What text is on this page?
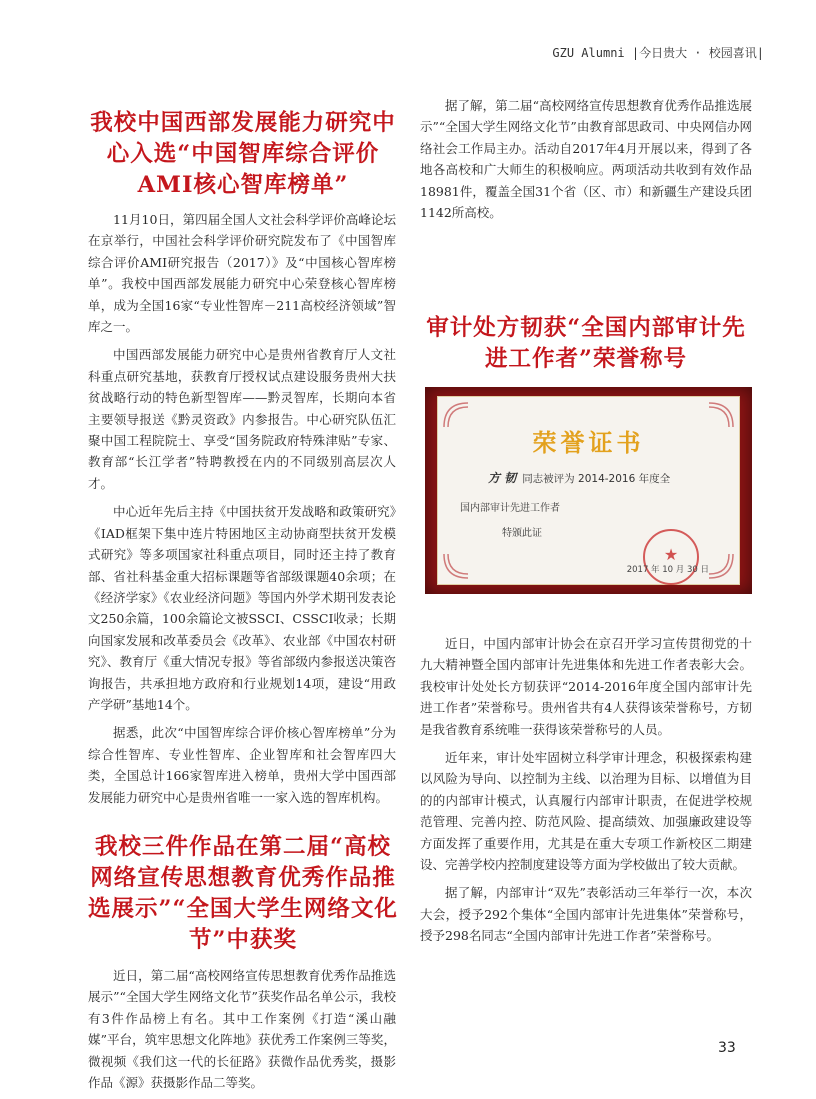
GZU Alumni |今日贵大 · 校园喜讯|
我校中国西部发展能力研究中心入选“中国智库综合评价AMI核心智库榜单”

11月10日，第四届全国人文社会科学评价高峰论坛在京举行，中国社会科学评价研究院发布了《中国智库综合评价AMI研究报告（2017）》及“中国核心智库榜单”。我校中国西部发展能力研究中心荣登核心智库榜单，成为全国16家“专业性智库－211高校经济领域”智库之一。

中国西部发展能力研究中心是贵州省教育厅人文社科重点研究基地，获教育厅授权试点建设服务贵州大扶贫战略行动的特色新型智库——黔灵智库，长期向本省主要领导报送《黔灵资政》内参报告。中心研究队伍汇聚中国工程院院士、享受“国务院政府特殊津贴”专家、教育部“长江学者”特聘教授在内的不同级别高层次人才。

中心近年先后主持《中国扶贫开发战略和政策研究》《IAD框架下集中连片特困地区主动协商型扶贫开发模式研究》等多项国家社科重点项目，同时还主持了教育部、省社科基金重大招标课题等省部级课题40余项；在《经济学家》《农业经济问题》等国内外学术期刊发表论文250余篇，100余篇论文被SSCI、CSSCI收录；长期向国家发展和改革委员会《改革》、农业部《中国农村研究》、教育厅《重大情况专报》等省部级内参报送决策咨询报告，共承担地方政府和行业规划14项，建设“用政产学研”基地14个。

据悉，此次“中国智库综合评价核心智库榜单”分为综合性智库、专业性智库、企业智库和社会智库四大类，全国总计166家智库进入榜单，贵州大学中国西部发展能力研究中心是贵州省唯一一家入选的智库机构。

我校三件作品在第二届“高校网络宣传思想教育优秀作品推选展示”“全国大学生网络文化节”中获奖

近日，第二届“高校网络宣传思想教育优秀作品推选展示”“全国大学生网络文化节”获奖作品名单公示，我校有3件作品榜上有名。其中工作案例《打造“溪山融媒”平台，筑牢思想文化阵地》获优秀工作案例三等奖，微视频《我们这一代的长征路》获微作品优秀奖，摄影作品《源》获摄影作品二等奖。

据了解，第二届“高校网络宣传思想教育优秀作品推选展示”“全国大学生网络文化节”由教育部思政司、中央网信办网络社会工作局主办。活动自2017年4月开展以来，得到了各地各高校和广大师生的积极响应。两项活动共收到有效作品18981件，覆盖全国31个省（区、市）和新疆生产建设兵团1142所高校。

审计处方韧获“全国内部审计先进工作者”荣誉称号
荣誉证书
方 韧 同志被评为 2014-2016 年度全
国内部审计先进工作者
特颁此证
★
2017 年 10 月 30 日

近日，中国内部审计协会在京召开学习宣传贯彻党的十九大精神暨全国内部审计先进集体和先进工作者表彰大会。我校审计处处长方韧获评“2014-2016年度全国内部审计先进工作者”荣誉称号。贵州省共有4人获得该荣誉称号，方韧是我省教育系统唯一获得该荣誉称号的人员。

近年来，审计处牢固树立科学审计理念，积极探索构建以风险为导向、以控制为主线、以治理为目标、以增值为目的的内部审计模式，认真履行内部审计职责，在促进学校规范管理、完善内控、防范风险、提高绩效、加强廉政建设等方面发挥了重要作用，尤其是在重大专项工作新校区二期建设、完善学校内控制度建设等方面为学校做出了较大贡献。

据了解，内部审计“双先”表彰活动三年举行一次，本次大会，授予292个集体“全国内部审计先进集体”荣誉称号，授予298名同志“全国内部审计先进工作者”荣誉称号。

33
